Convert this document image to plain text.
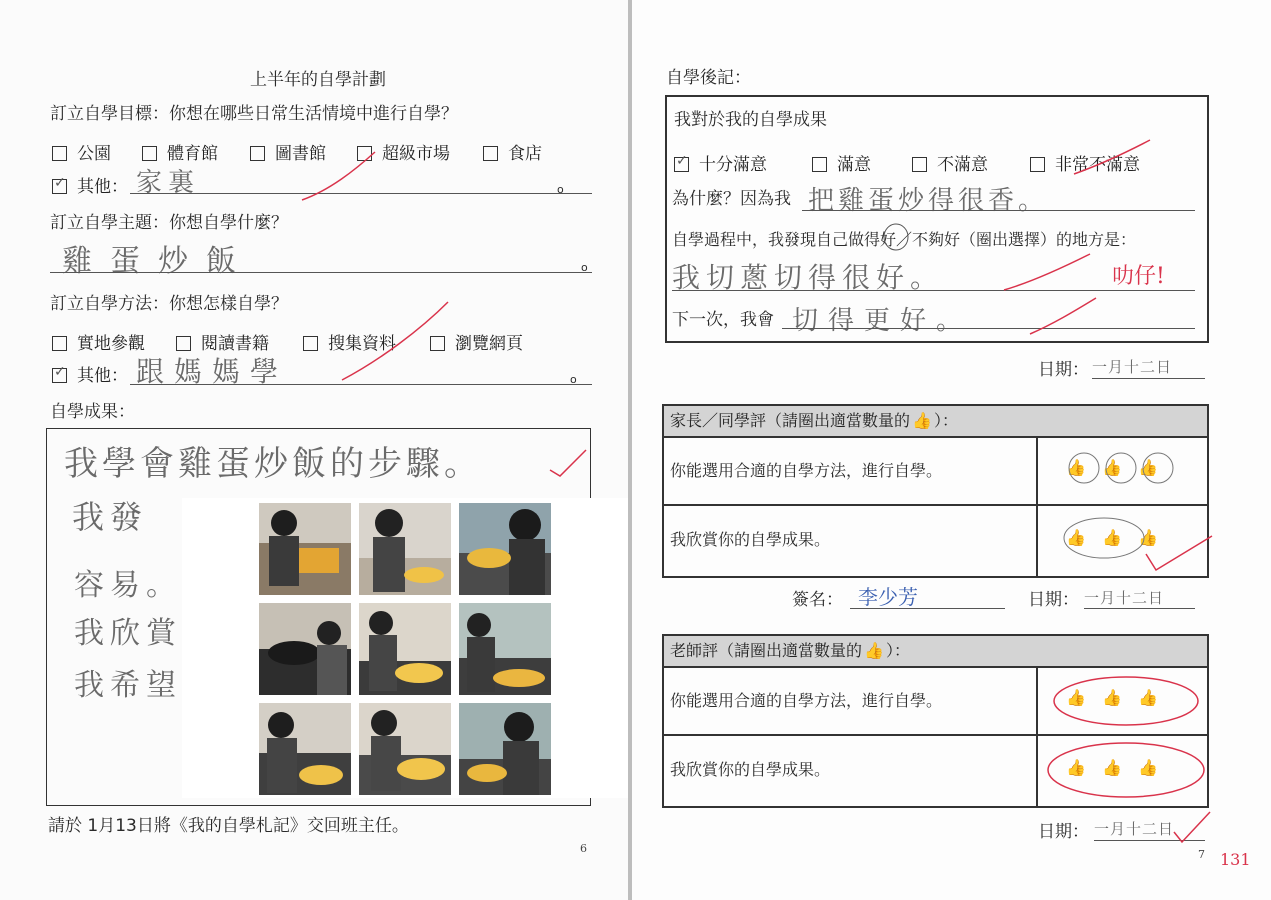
上半年的自學計劃
訂立自學目標：你想在哪些日常生活情境中進行自學？
公園	體育館	圖書館	超級市場	食店
✓ 其他： 家裏	o
訂立自學主題：你想自學什麼？
雞蛋炒飯	o
訂立自學方法：你想怎樣自學？
實地參觀	閱讀書籍	搜集資料	瀏覽網頁
✓ 其他： 跟媽媽學	o
自學成果：
我學會雞蛋炒飯的步驟。
我發
容易。
我欣賞
我希望
請於 1月13日將《我的自學札記》交回班主任。
6
自學後記：
我對於我的自學成果
✓ 十分滿意	滿意	不滿意	非常不滿意
為什麼？因為我 把雞蛋炒得很香。
自學過程中，我發現自己做得好／不夠好（圈出選擇）的地方是：
我切蔥切得很好。	叻仔!
下一次，我會 切得更好。
日期： 一月十二日
家長／同學評（請圈出適當數量的 👍 ）：
你能選用合適的自學方法，進行自學。	👍 👍 👍
我欣賞你的自學成果。	👍 👍 👍
簽名： 李少芳	日期： 一月十二日
老師評（請圈出適當數量的 👍 ）：
你能選用合適的自學方法，進行自學。	👍 👍 👍
我欣賞你的自學成果。	👍 👍 👍
日期： 一月十二日
7 131
